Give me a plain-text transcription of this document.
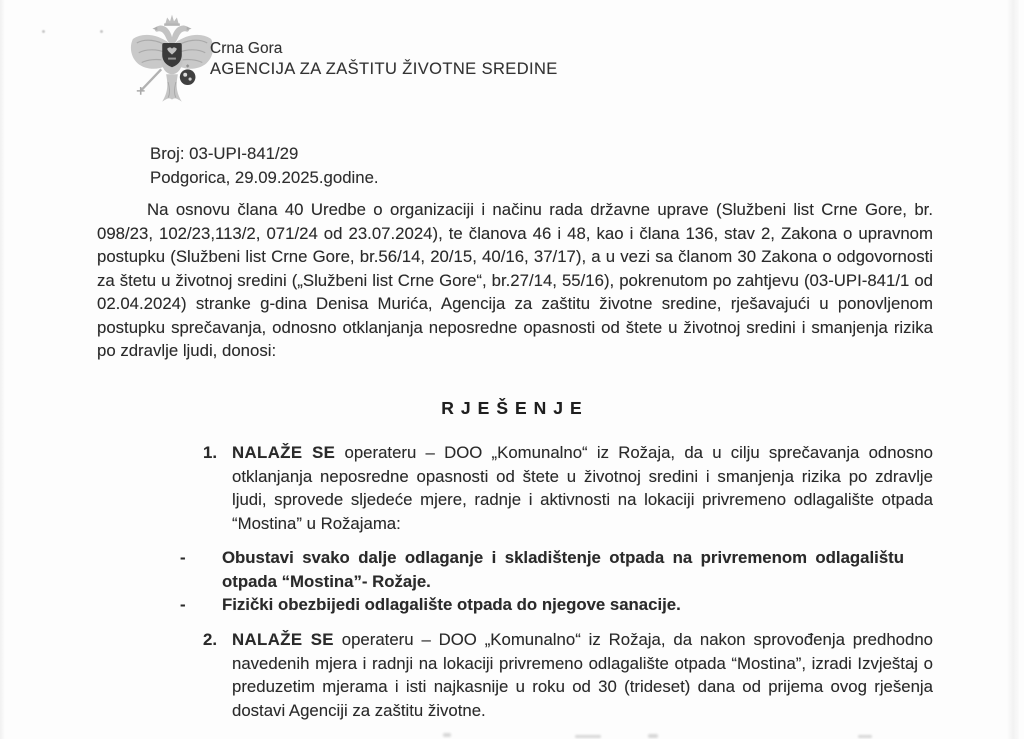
Crna Gora
AGENCIJA ZA ZAŠTITU ŽIVOTNE SREDINE
Broj: 03-UPI-841/29
Podgorica, 29.09.2025.godine.

Na osnovu člana 40 Uredbe o organizaciji i načinu rada državne uprave (Službeni list Crne Gore, br. 098/23, 102/23,113/2, 071/24 od 23.07.2024), te članova 46 i 48, kao i člana 136, stav 2, Zakona o upravnom postupku (Službeni list Crne Gore, br.56/14, 20/15, 40/16, 37/17), a u vezi sa članom 30 Zakona o odgovornosti za štetu u životnoj sredini („Službeni list Crne Gore“, br.27/14, 55/16), pokrenutom po zahtjevu (03-UPI-841/1 od 02.04.2024) stranke g-dina Denisa Murića, Agencija za zaštitu životne sredine, rješavajući u ponovljenom postupku sprečavanja, odnosno otklanjanja neposredne opasnosti od štete u životnoj sredini i smanjenja rizika po zdravlje ljudi, donosi:

RJEŠENJE
1. NALAŽE SE operateru – DOO „Komunalno“ iz Rožaja, da u cilju sprečavanja odnosno otklanjanja neposredne opasnosti od štete u životnoj sredini i smanjenja rizika po zdravlje ljudi, sprovede sljedeće mjere, radnje i aktivnosti na lokaciji privremeno odlagalište otpada “Mostina” u Rožajama:

-	Obustavi svako dalje odlaganje i skladištenje otpada na privremenom odlagalištu otpada “Mostina”- Rožaje.

-	Fizički obezbijedi odlagalište otpada do njegove sanacije.

2. NALAŽE SE operateru – DOO „Komunalno“ iz Rožaja, da nakon sprovođenja predhodno navedenih mjera i radnji na lokaciji privremeno odlagalište otpada “Mostina”, izradi Izvještaj o preduzetim mjerama i isti najkasnije u roku od 30 (trideset) dana od prijema ovog rješenja dostavi Agenciji za zaštitu životne.
